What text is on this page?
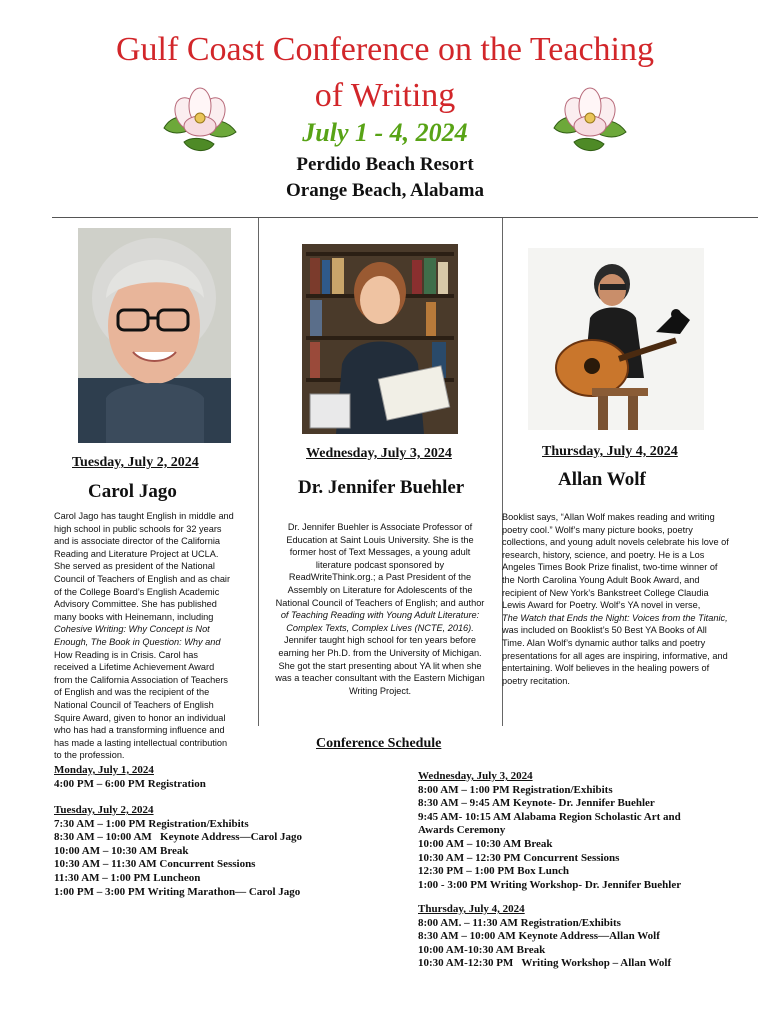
Gulf Coast Conference on the Teaching
of Writing
July 1 - 4, 2024
Perdido Beach Resort
Orange Beach, Alabama
Tuesday, July 2, 2024
Wednesday, July 3, 2024	Thursday, July 4, 2024
Carol Jago	Dr. Jennifer Buehler	Allan Wolf
Carol Jago has taught English in middle and
high school in public schools for 32 years
and is associate director of the California
Reading and Literature Project at UCLA.
She served as president of the National
Council of Teachers of English and as chair
of the College Board’s English Academic
Advisory Committee. She has published
many books with Heinemann, including
Cohesive Writing: Why Concept is Not
Enough, The Book in Question: Why and
How Reading is in Crisis. Carol has
received a Lifetime Achievement Award
from the California Association of Teachers
of English and was the recipient of the
National Council of Teachers of English
Squire Award, given to honor an individual
who has had a transforming influence and
has made a lasting intellectual contribution
to the profession.
Dr. Jennifer Buehler is Associate Professor of
Education at Saint Louis University. She is the
former host of Text Messages, a young adult
literature podcast sponsored by
ReadWriteThink.org.; a Past President of the
Assembly on Literature for Adolescents of the
National Council of Teachers of English; and author
of Teaching Reading with Young Adult Literature:
Complex Texts, Complex Lives (NCTE, 2016).
Jennifer taught high school for ten years before
earning her Ph.D. from the University of Michigan.
She got the start presenting about YA lit when she
was a teacher consultant with the Eastern Michigan
Writing Project.
Booklist says, “Allan Wolf makes reading and writing
poetry cool.” Wolf’s many picture books, poetry
collections, and young adult novels celebrate his love of
research, history, science, and poetry. He is a Los
Angeles Times Book Prize finalist, two-time winner of
the North Carolina Young Adult Book Award, and
recipient of New York’s Bankstreet College Claudia
Lewis Award for Poetry. Wolf’s YA novel in verse,
The Watch that Ends the Night: Voices from the Titanic,
was included on Booklist’s 50 Best YA Books of All
Time. Alan Wolf’s dynamic author talks and poetry
presentations for all ages are inspiring, informative, and
entertaining. Wolf believes in the healing powers of
poetry recitation.
Conference Schedule
Monday, July 1, 2024
4:00 PM – 6:00 PM Registration
Tuesday, July 2, 2024
7:30 AM – 1:00 PM Registration/Exhibits
8:30 AM – 10:00 AM   Keynote Address—Carol Jago
10:00 AM – 10:30 AM Break
10:30 AM – 11:30 AM Concurrent Sessions
11:30 AM – 1:00 PM Luncheon
1:00 PM – 3:00 PM Writing Marathon— Carol Jago
Wednesday, July 3, 2024
8:00 AM – 1:00 PM Registration/Exhibits
8:30 AM – 9:45 AM Keynote- Dr. Jennifer Buehler
9:45 AM- 10:15 AM Alabama Region Scholastic Art and
Awards Ceremony
10:00 AM – 10:30 AM Break
10:30 AM – 12:30 PM Concurrent Sessions
12:30 PM – 1:00 PM Box Lunch
1:00 - 3:00 PM Writing Workshop- Dr. Jennifer Buehler
Thursday, July 4, 2024
8:00 AM. – 11:30 AM Registration/Exhibits
8:30 AM – 10:00 AM Keynote Address—Allan Wolf
10:00 AM-10:30 AM Break
10:30 AM-12:30 PM   Writing Workshop – Allan Wolf
